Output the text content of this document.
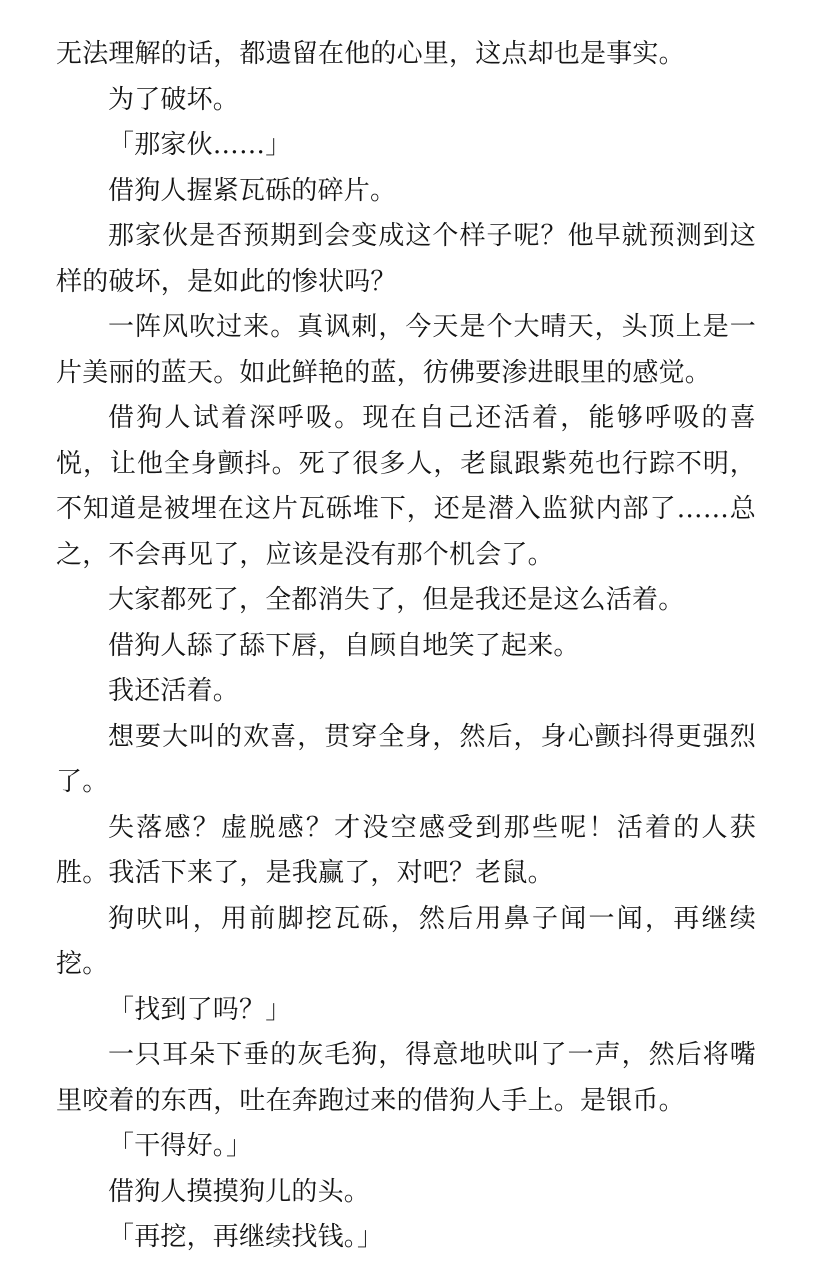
无法理解的话，都遗留在他的心里，这点却也是事实。

为了破坏。

「那家伙……」

借狗人握紧瓦砾的碎片。

那家伙是否预期到会变成这个样子呢？他早就预测到这样的破坏，是如此的惨状吗？

一阵风吹过来。真讽刺，今天是个大晴天，头顶上是一片美丽的蓝天。如此鲜艳的蓝，彷佛要渗进眼里的感觉。

借狗人试着深呼吸。现在自己还活着，能够呼吸的喜悦，让他全身颤抖。死了很多人，老鼠跟紫苑也行踪不明，不知道是被埋在这片瓦砾堆下，还是潜入监狱内部了……总之，不会再见了，应该是没有那个机会了。

大家都死了，全都消失了，但是我还是这么活着。

借狗人舔了舔下唇，自顾自地笑了起来。

我还活着。

想要大叫的欢喜，贯穿全身，然后，身心颤抖得更强烈了。

失落感？虚脱感？才没空感受到那些呢！活着的人获胜。我活下来了，是我赢了，对吧？老鼠。

狗吠叫，用前脚挖瓦砾，然后用鼻子闻一闻，再继续挖。

「找到了吗？」

一只耳朵下垂的灰毛狗，得意地吠叫了一声，然后将嘴里咬着的东西，吐在奔跑过来的借狗人手上。是银币。

「干得好。」

借狗人摸摸狗儿的头。

「再挖，再继续找钱。」
